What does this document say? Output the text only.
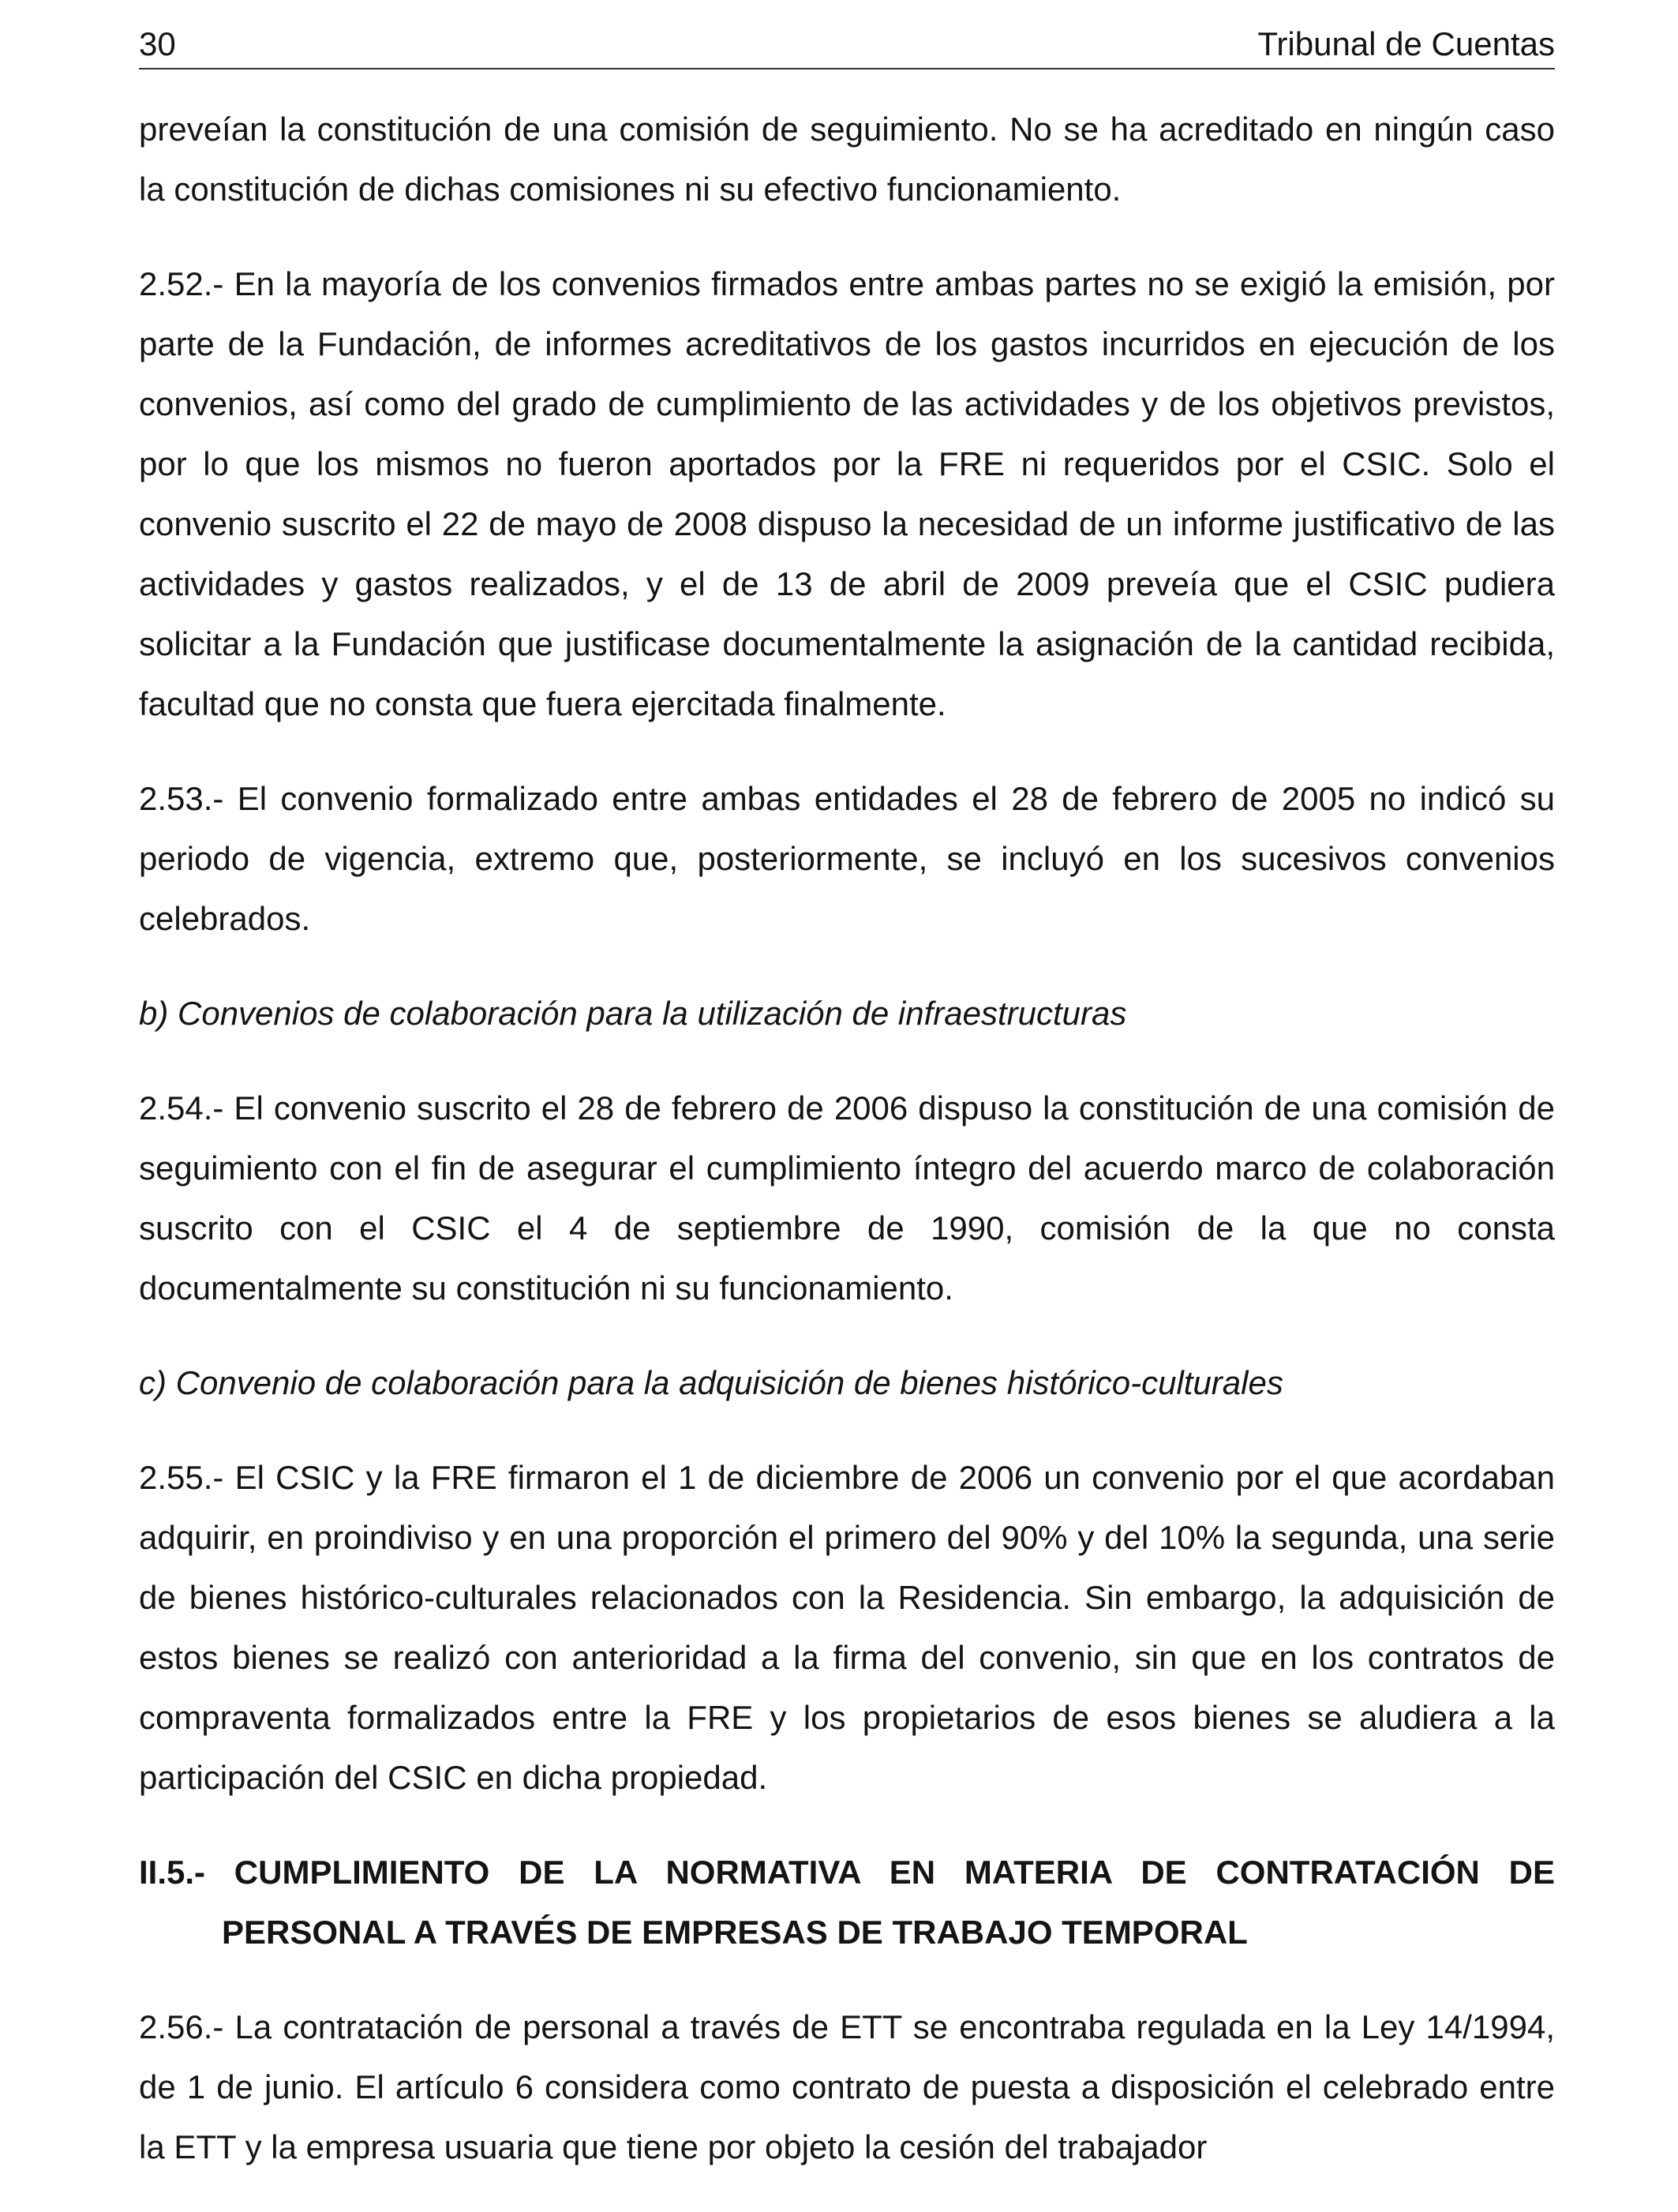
30	Tribunal de Cuentas

preveían la constitución de una comisión de seguimiento. No se ha acreditado en ningún caso la constitución de dichas comisiones ni su efectivo funcionamiento.

2.52.- En la mayoría de los convenios firmados entre ambas partes no se exigió la emisión, por parte de la Fundación, de informes acreditativos de los gastos incurridos en ejecución de los convenios, así como del grado de cumplimiento de las actividades y de los objetivos previstos, por lo que los mismos no fueron aportados por la FRE ni requeridos por el CSIC. Solo el convenio suscrito el 22 de mayo de 2008 dispuso la necesidad de un informe justificativo de las actividades y gastos realizados, y el de 13 de abril de 2009 preveía que el CSIC pudiera solicitar a la Fundación que justificase documentalmente la asignación de la cantidad recibida, facultad que no consta que fuera ejercitada finalmente.

2.53.- El convenio formalizado entre ambas entidades el 28 de febrero de 2005 no indicó su periodo de vigencia, extremo que, posteriormente, se incluyó en los sucesivos convenios celebrados.

b) Convenios de colaboración para la utilización de infraestructuras

2.54.- El convenio suscrito el 28 de febrero de 2006 dispuso la constitución de una comisión de seguimiento con el fin de asegurar el cumplimiento íntegro del acuerdo marco de colaboración suscrito con el CSIC el 4 de septiembre de 1990, comisión de la que no consta documentalmente su constitución ni su funcionamiento.

c) Convenio de colaboración para la adquisición de bienes histórico-culturales

2.55.- El CSIC y la FRE firmaron el 1 de diciembre de 2006 un convenio por el que acordaban adquirir, en proindiviso y en una proporción el primero del 90% y del 10% la segunda, una serie de bienes histórico-culturales relacionados con la Residencia. Sin embargo, la adquisición de estos bienes se realizó con anterioridad a la firma del convenio, sin que en los contratos de compraventa formalizados entre la FRE y los propietarios de esos bienes se aludiera a la participación del CSIC en dicha propiedad.

II.5.- CUMPLIMIENTO DE LA NORMATIVA EN MATERIA DE CONTRATACIÓN DE PERSONAL A TRAVÉS DE EMPRESAS DE TRABAJO TEMPORAL

2.56.- La contratación de personal a través de ETT se encontraba regulada en la Ley 14/1994, de 1 de junio. El artículo 6 considera como contrato de puesta a disposición el celebrado entre la ETT y la empresa usuaria que tiene por objeto la cesión del trabajador
